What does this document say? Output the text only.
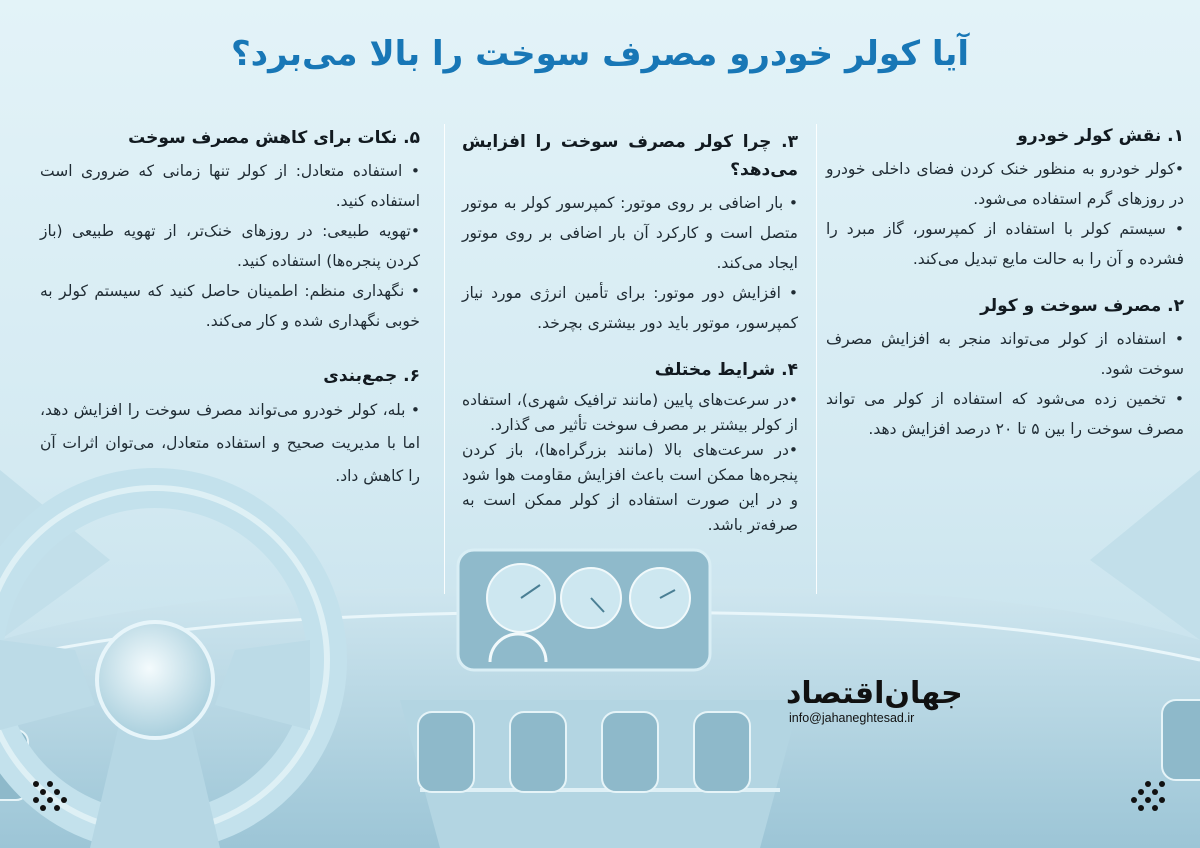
آیا کولر خودرو مصرف سوخت را بالا می‌برد؟
۱. نقش کولر خودرو

•کولر خودرو به منظور خنک کردن فضای داخلی خودرو در روزهای گرم استفاده می‌شود.

• سیستم کولر با استفاده از کمپرسور، گاز مبرد را فشرده و آن را به حالت مایع تبدیل می‌کند.

۲. مصرف سوخت و کولر

• استفاده از کولر می‌تواند منجر به افزایش مصرف سوخت شود.

• تخمین زده می‌شود که استفاده از کولر می تواند مصرف سوخت را بین ۵ تا ۲۰ درصد افزایش دهد.

۳. چرا کولر مصرف سوخت را افزایش می‌دهد؟

• بار اضافی بر روی موتور: کمپرسور کولر به موتور متصل است و کارکرد آن بار اضافی بر روی موتور ایجاد می‌کند.

• افزایش دور موتور: برای تأمین انرژی مورد نیاز کمپرسور، موتور باید دور بیشتری بچرخد.

۴. شرایط مختلف

•در سرعت‌های پایین (مانند ترافیک شهری)، استفاده از کولر بیشتر بر مصرف سوخت تأثیر می گذارد.

•در سرعت‌های بالا (مانند بزرگراه‌ها)، باز کردن پنجره‌ها ممکن است باعث افزایش مقاومت هوا شود و در این صورت استفاده از کولر ممکن است به صرفه‌تر باشد.

۵. نکات برای کاهش مصرف سوخت

• استفاده متعادل: از کولر تنها زمانی که ضروری است استفاده کنید.

•تهویه طبیعی: در روزهای خنک‌تر، از تهویه طبیعی (باز کردن پنجره‌ها) استفاده کنید.

• نگهداری منظم: اطمینان حاصل کنید که سیستم کولر به خوبی نگهداری شده و کار می‌کند.

۶. جمع‌بندی

• بله، کولر خودرو می‌تواند مصرف سوخت را افزایش دهد، اما با مدیریت صحیح و استفاده متعادل، می‌توان اثرات آن را کاهش داد.

جهان‌اقتصاد
info@jahaneghtesad.ir
